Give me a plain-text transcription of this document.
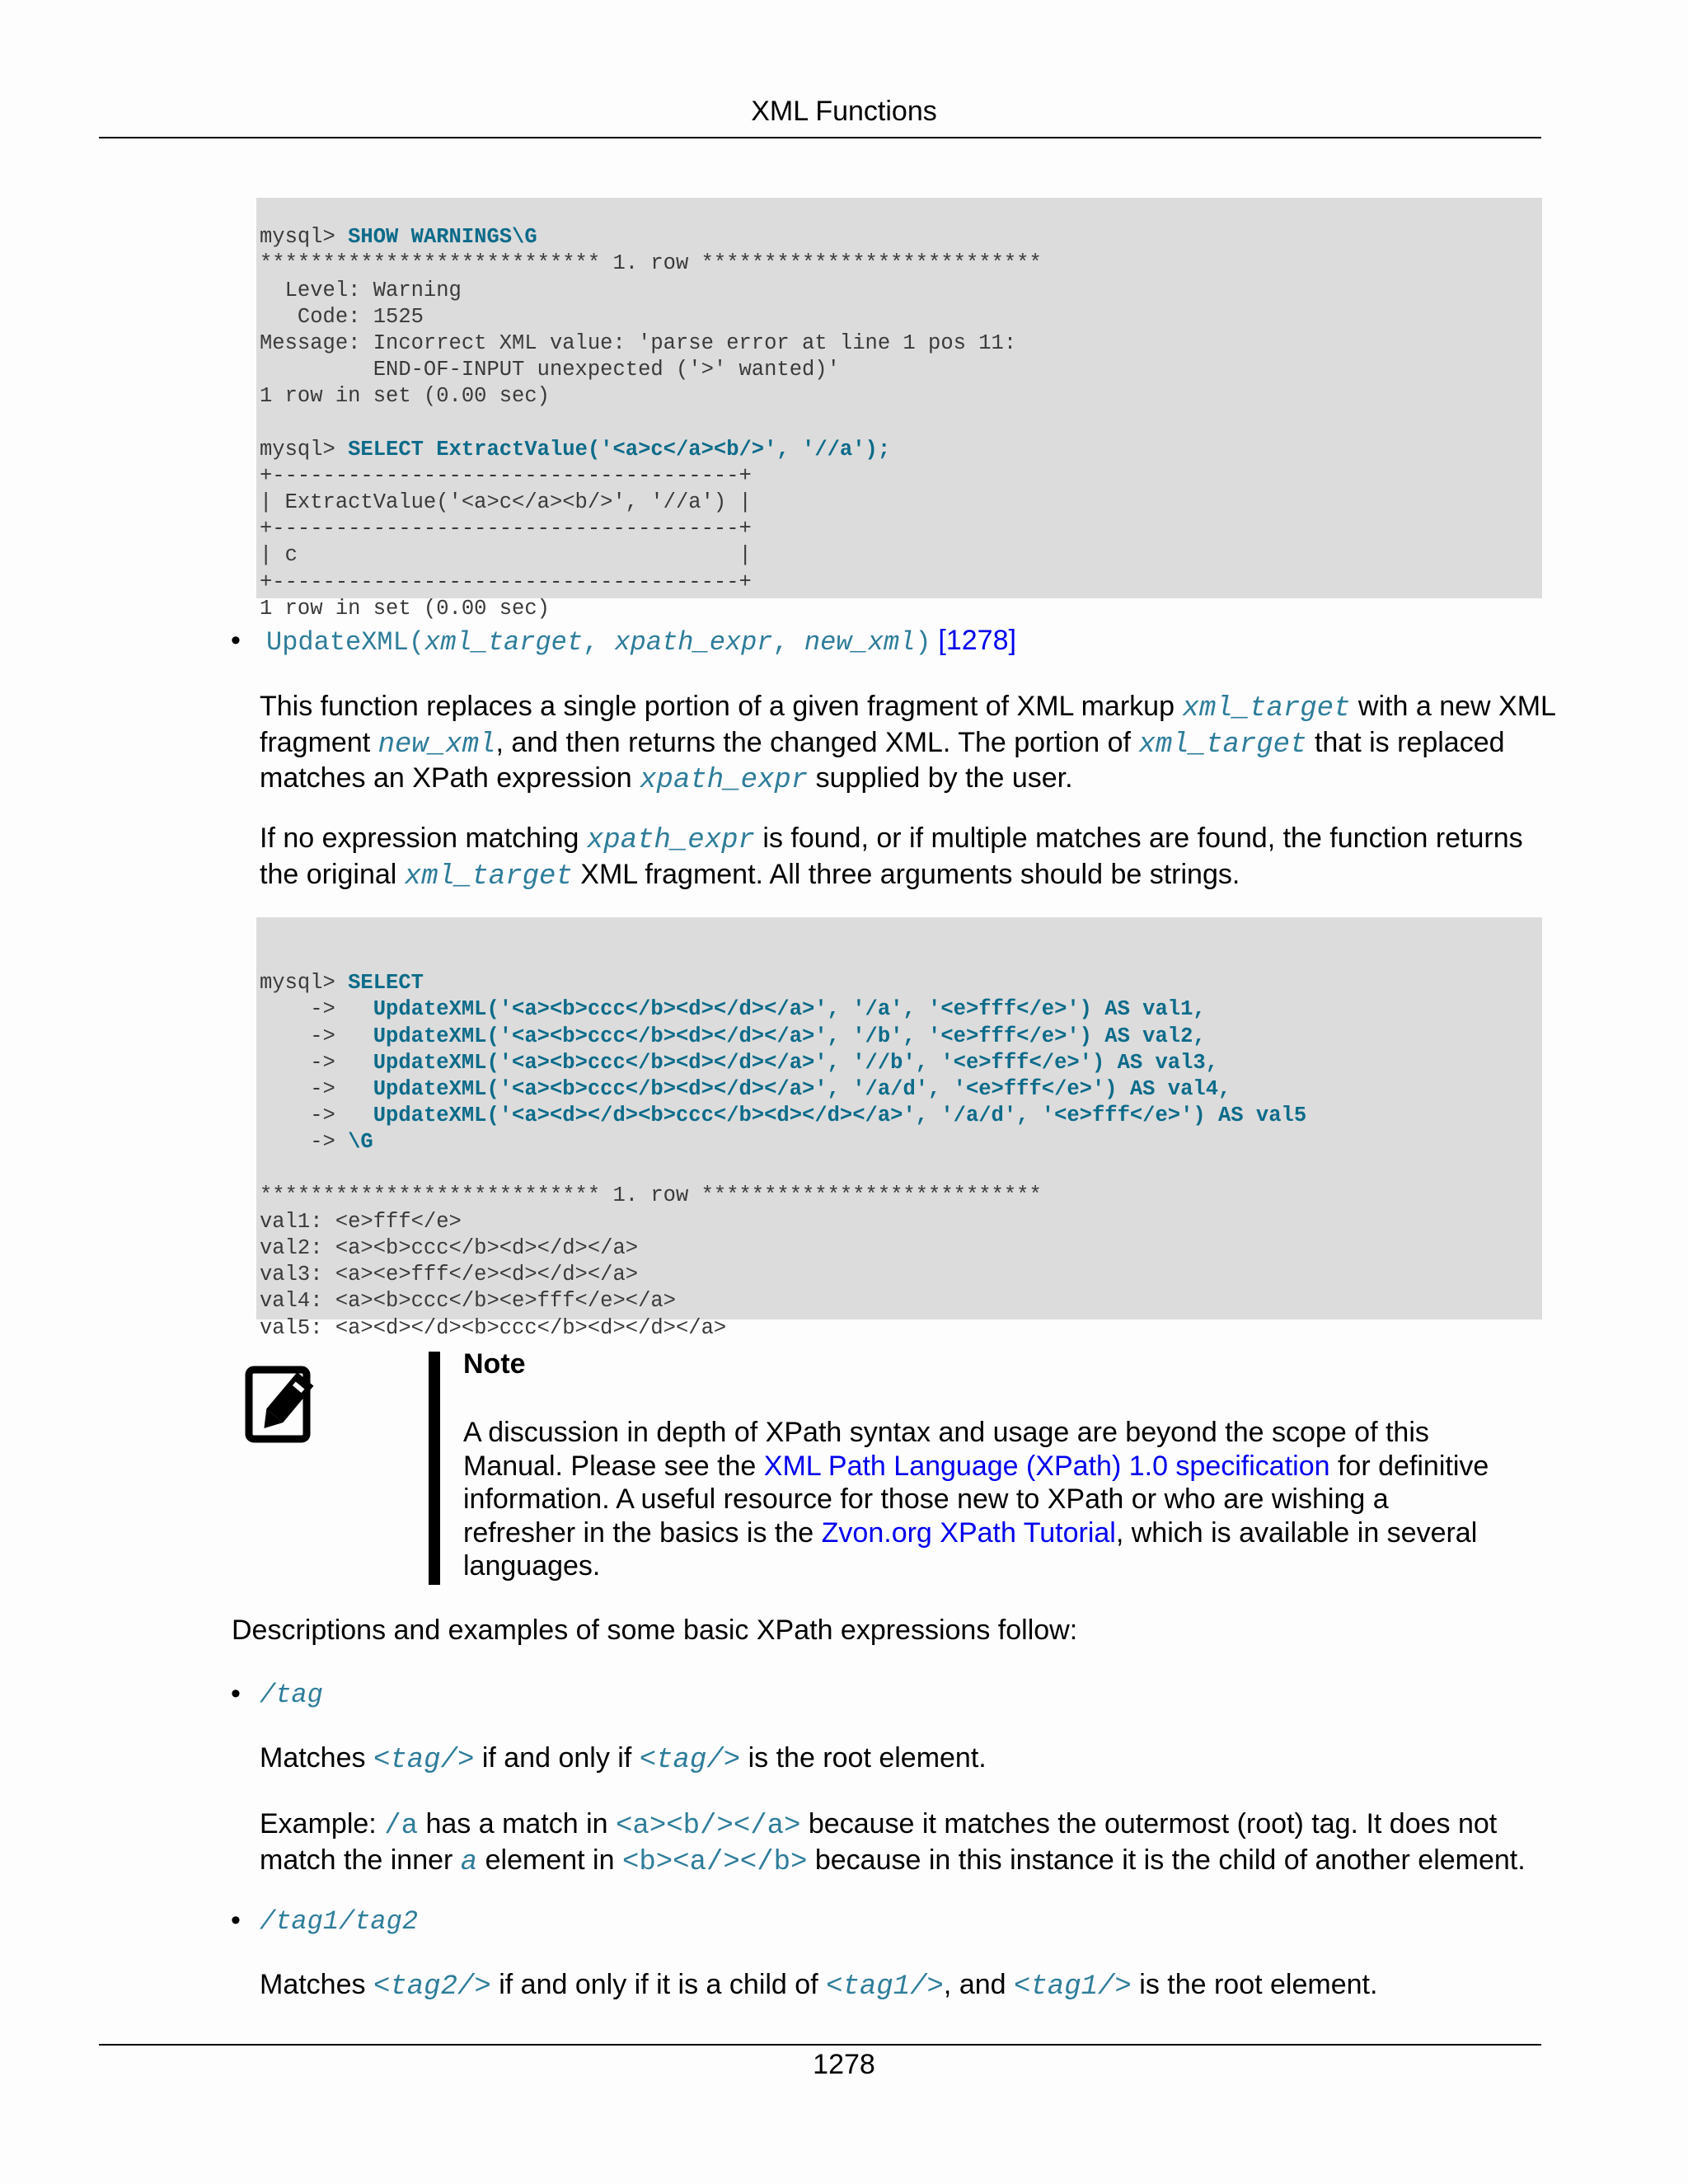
XML Functions

mysql> SHOW WARNINGS\G
*************************** 1. row ***************************
Level: Warning
Code: 1525
Message: Incorrect XML value: 'parse error at line 1 pos 11:
END-OF-INPUT unexpected ('>' wanted)'
1 row in set (0.00 sec)
mysql> SELECT ExtractValue('<a>c</a><b/>', '//a');
+-------------------------------------+
| ExtractValue('<a>c</a><b/>', '//a') |
+-------------------------------------+
| c                                   |
+-------------------------------------+
1 row in set (0.00 sec)

• UpdateXML(xml_target, xpath_expr, new_xml) [1278]
This function replaces a single portion of a given fragment of XML markup xml_target with a new XML
fragment new_xml, and then returns the changed XML. The portion of xml_target that is replaced
matches an XPath expression xpath_expr supplied by the user.
If no expression matching xpath_expr is found, or if multiple matches are found, the function returns
the original xml_target XML fragment. All three arguments should be strings.

mysql> SELECT
->   UpdateXML('<a><b>ccc</b><d></d></a>', '/a', '<e>fff</e>') AS val1,
->   UpdateXML('<a><b>ccc</b><d></d></a>', '/b', '<e>fff</e>') AS val2,
->   UpdateXML('<a><b>ccc</b><d></d></a>', '//b', '<e>fff</e>') AS val3,
->   UpdateXML('<a><b>ccc</b><d></d></a>', '/a/d', '<e>fff</e>') AS val4,
->   UpdateXML('<a><d></d><b>ccc</b><d></d></a>', '/a/d', '<e>fff</e>') AS val5
-> \G
*************************** 1. row ***************************
val1: <e>fff</e>
val2: <a><b>ccc</b><d></d></a>
val3: <a><e>fff</e><d></d></a>
val4: <a><b>ccc</b><e>fff</e></a>
val5: <a><d></d><b>ccc</b><d></d></a>

Note
A discussion in depth of XPath syntax and usage are beyond the scope of this
Manual. Please see the XML Path Language (XPath) 1.0 specification for definitive
information. A useful resource for those new to XPath or who are wishing a
refresher in the basics is the Zvon.org XPath Tutorial, which is available in several
languages.
Descriptions and examples of some basic XPath expressions follow:
• /tag
Matches <tag/> if and only if <tag/> is the root element.
Example: /a has a match in <a><b/></a> because it matches the outermost (root) tag. It does not
match the inner a element in <b><a/></b> because in this instance it is the child of another element.
• /tag1/tag2
Matches <tag2/> if and only if it is a child of <tag1/>, and <tag1/> is the root element.
1278
